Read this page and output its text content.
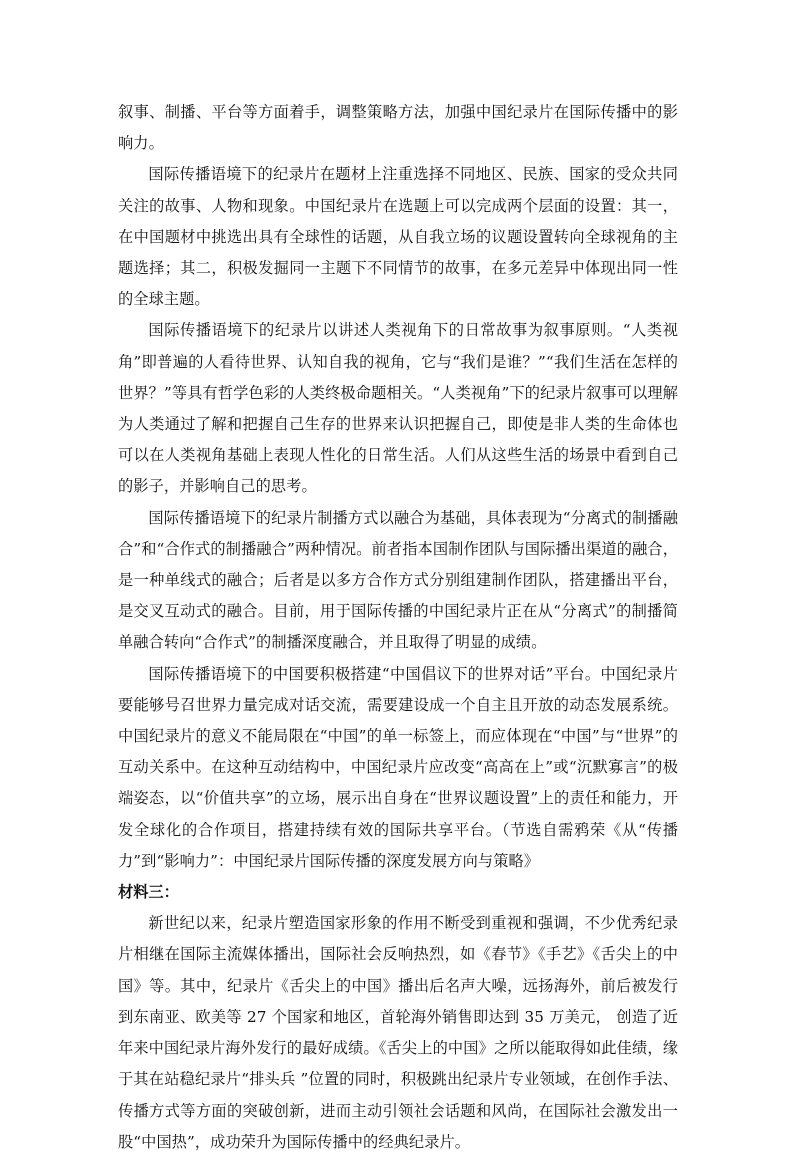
叙事、制播、平台等方面着手，调整策略方法，加强中国纪录片在国际传播中的影响力。

国际传播语境下的纪录片在题材上注重选择不同地区、民族、国家的受众共同关注的故事、人物和现象。中国纪录片在选题上可以完成两个层面的设置：其一，在中国题材中挑选出具有全球性的话题，从自我立场的议题设置转向全球视角的主题选择；其二，积极发掘同一主题下不同情节的故事，在多元差异中体现出同一性的全球主题。

国际传播语境下的纪录片以讲述人类视角下的日常故事为叙事原则。“人类视角”即普遍的人看待世界、认知自我的视角，它与“我们是谁？”“我们生活在怎样的世界？”等具有哲学色彩的人类终极命题相关。“人类视角”下的纪录片叙事可以理解为人类通过了解和把握自己生存的世界来认识把握自己，即使是非人类的生命体也可以在人类视角基础上表现人性化的日常生活。人们从这些生活的场景中看到自己的影子，并影响自己的思考。

国际传播语境下的纪录片制播方式以融合为基础，具体表现为“分离式的制播融合”和“合作式的制播融合”两种情况。前者指本国制作团队与国际播出渠道的融合，是一种单线式的融合；后者是以多方合作方式分别组建制作团队，搭建播出平台，是交叉互动式的融合。目前，用于国际传播的中国纪录片正在从“分离式”的制播简单融合转向“合作式”的制播深度融合，并且取得了明显的成绩。

国际传播语境下的中国要积极搭建“中国倡议下的世界对话”平台。中国纪录片要能够号召世界力量完成对话交流，需要建设成一个自主且开放的动态发展系统。中国纪录片的意义不能局限在“中国”的单一标签上，而应体现在“中国”与“世界”的互动关系中。在这种互动结构中，中国纪录片应改变“高高在上”或“沉默寡言”的极端姿态，以“价值共享”的立场，展示出自身在“世界议题设置”上的责任和能力，开发全球化的合作项目，搭建持续有效的国际共享平台。（节选自需鸦荣《从“传播力”到“影响力”：中国纪录片国际传播的深度发展方向与策略》

材料三：

新世纪以来，纪录片塑造国家形象的作用不断受到重视和强调，不少优秀纪录片相继在国际主流媒体播出，国际社会反响热烈，如《春节》《手艺》《舌尖上的中国》等。其中，纪录片《舌尖上的中国》播出后名声大噪，远扬海外，前后被发行到东南亚、欧美等 27 个国家和地区，首轮海外销售即达到 35 万美元， 创造了近年来中国纪录片海外发行的最好成绩。《舌尖上的中国》之所以能取得如此佳绩，缘于其在站稳纪录片“排头兵 ”位置的同时，积极跳出纪录片专业领域，在创作手法、传播方式等方面的突破创新，进而主动引领社会话题和风尚，在国际社会激发出一股“中国热”，成功荣升为国际传播中的经典纪录片。
